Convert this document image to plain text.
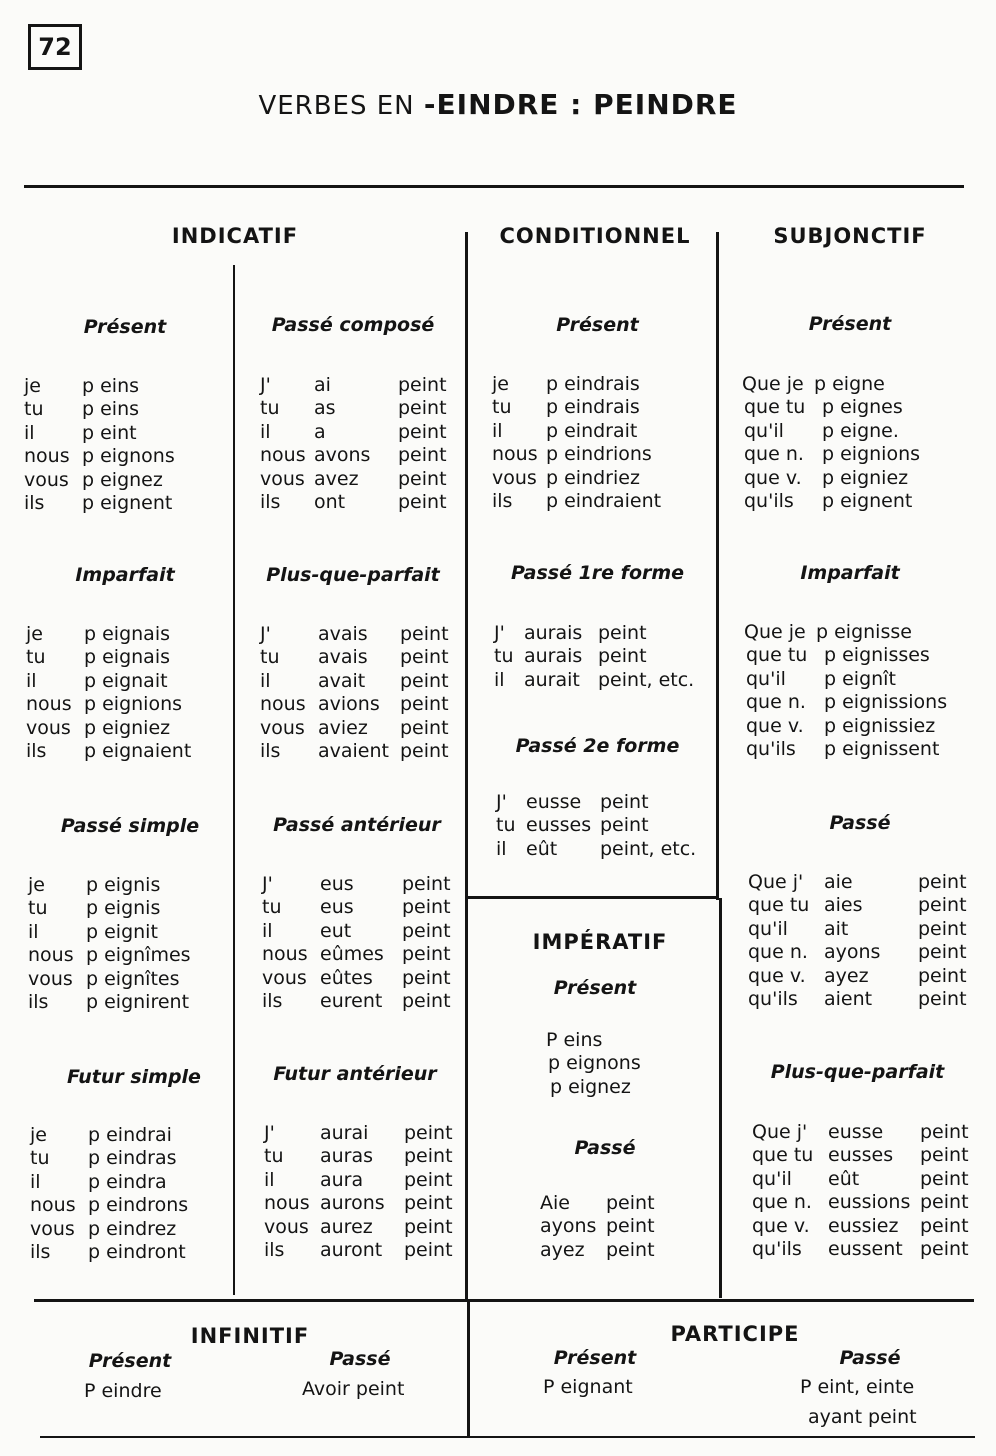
72
VERBES EN -EINDRE : PEINDRE
INDICATIF	CONDITIONNEL	SUBJONCTIF
Présent
je p eins
tu p eins
il p eint
nous p eignons
vous p eignez
ils p eignent
Imparfait
je p eignais
tu p eignais
il p eignait
nous p eignions
vous p eigniez
ils p eignaient
Passé simple
je p eignis
tu p eignis
il p eignit
nous p eignîmes
vous p eignîtes
ils p eignirent
Futur simple
je p eindrai
tu p eindras
il p eindra
nous p eindrons
vous p eindrez
ils p eindront
Passé composé
J' ai	peint
tu as	peint
il a	peint
nous avons peint
vous avez peint
ils ont	peint
Plus-que-parfait
J' avais peint
tu avais peint
il avait peint
nous avions peint
vous aviez peint
ils avaient peint
Passé antérieur
J' eus	peint
tu eus	peint
il eut	peint
nous eûmes peint
vous eûtes peint
ils eurent peint
Futur antérieur
J' aurai peint
tu auras peint
il aura peint
nous aurons peint
vous aurez peint
ils auront peint
Présent
je p eindrais
tu p eindrais
il p eindrait
nous p eindrions
vous p eindriez
ils p eindraient
Passé 1re forme
J' aurais peint
tu aurais peint
il aurait peint, etc.
Passé 2e forme
J' eusse peint
tu eusses peint
il eût peint, etc.
IMPÉRATIF
Présent
P eins
p eignons
p eignez
Passé
Aie peint
ayons peint
ayez peint
Présent
Que je p eigne
que tu p eignes
qu'il p eigne.
que n. p eignions
que v. p eigniez
qu'ils p eignent
Imparfait
Que je p eignisse
que tu p eignisses
qu'il p eignît
que n. p eignissions
que v. p eignissiez
qu'ils p eignissent
Passé
Que j' aie	peint
que tu aies	peint
qu'il ait	peint
que n. ayons peint
que v. ayez	peint
qu'ils aient peint
Plus-que-parfait
Que j' eusse peint
que tu eusses peint
qu'il eût	peint
que n. eussions peint
que v. eussiez peint
qu'ils eussent peint
INFINITIF
Présent	Passé
P eindre	Avoir peint
PARTICIPE
Présent	Passé
P eignant	P eint, einte
ayant peint
